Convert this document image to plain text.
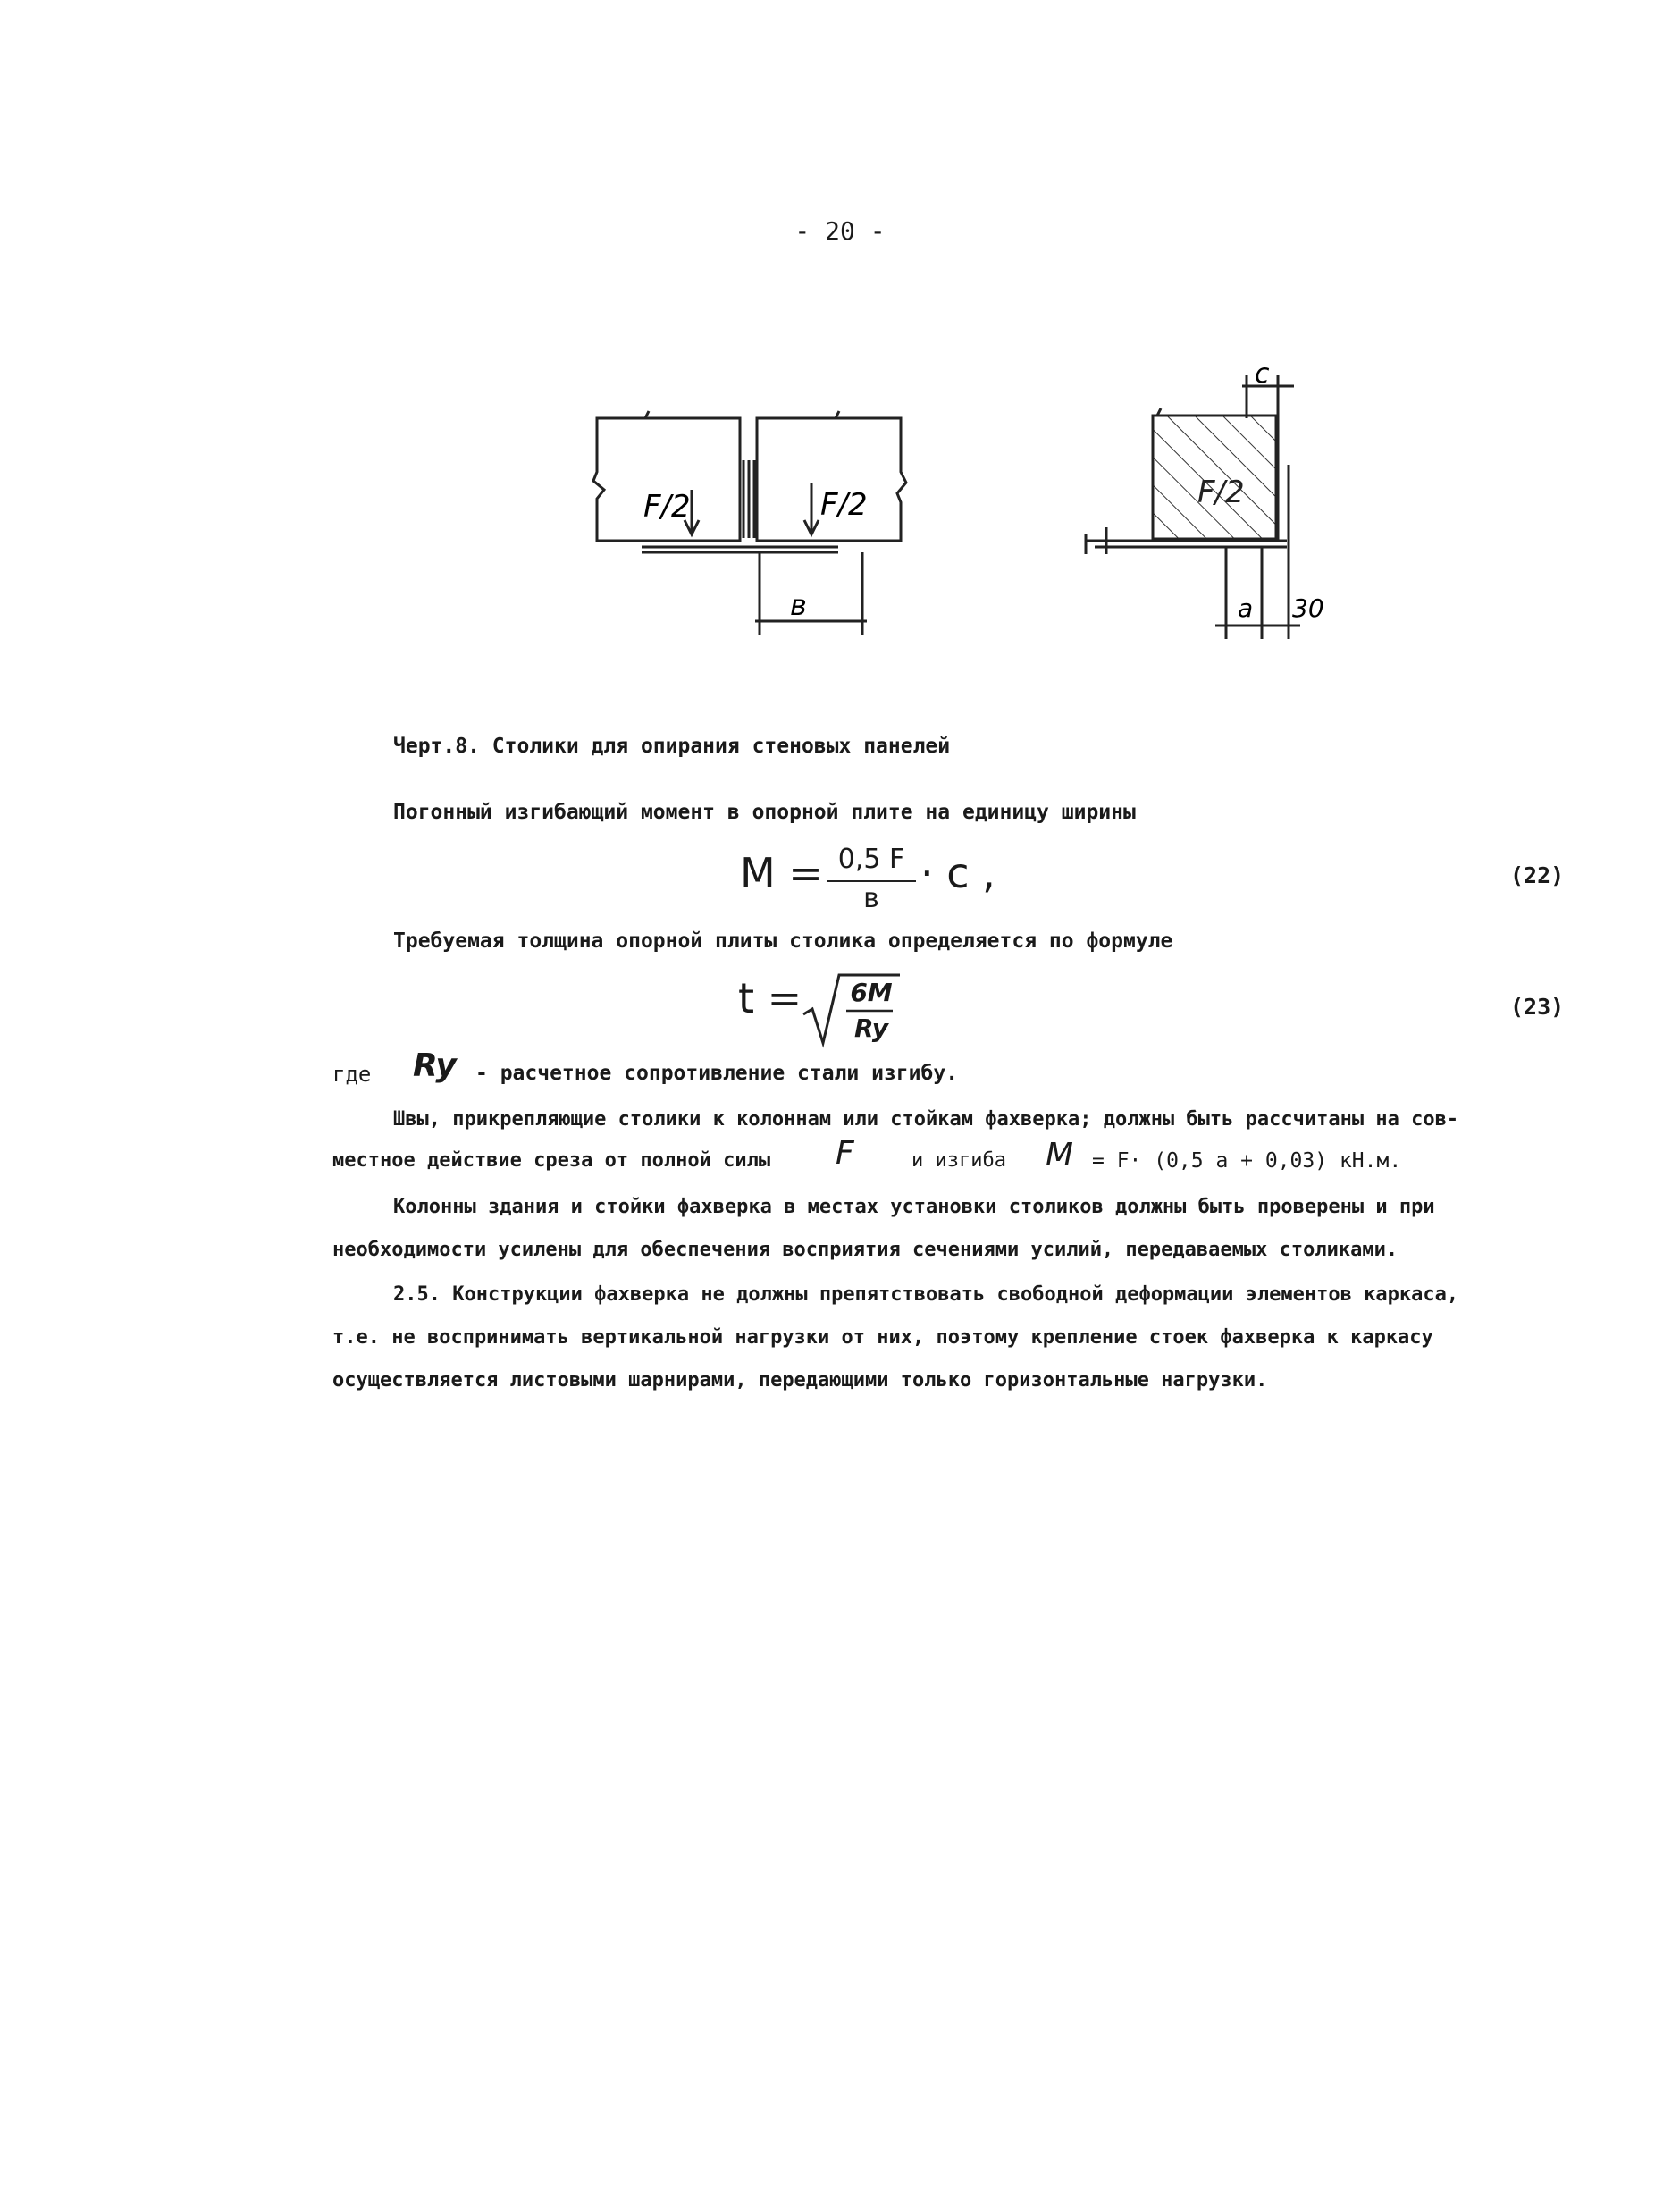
- 20 -
F/2	F/2
в
c
F/2
a 30
Черт.8. Столики для опирания стеновых панелей
Погонный изгибающий момент в опорной плите на единицу ширины
M = 0,5 F
в
· c ,	(22)
Требуемая толщина опорной плиты столика определяется по формуле
t =	6M
Ry
(23)
где Ry - расчетное сопротивление стали изгибу.
Швы, прикрепляющие столики к колоннам или стойкам фахверка; должны быть рассчитаны на сов-
местное действие среза от полной силы F	и изгиба M = F· (0,5 a + 0,03) кН.м.
Колонны здания и стойки фахверка в местах установки столиков должны быть проверены и при
необходимости усилены для обеспечения восприятия сечениями усилий, передаваемых столиками.
2.5. Конструкции фахверка не должны препятствовать свободной деформации элементов каркаса,
т.е. не воспринимать вертикальной нагрузки от них, поэтому крепление стоек фахверка к каркасу
осуществляется листовыми шарнирами, передающими только горизонтальные нагрузки.
